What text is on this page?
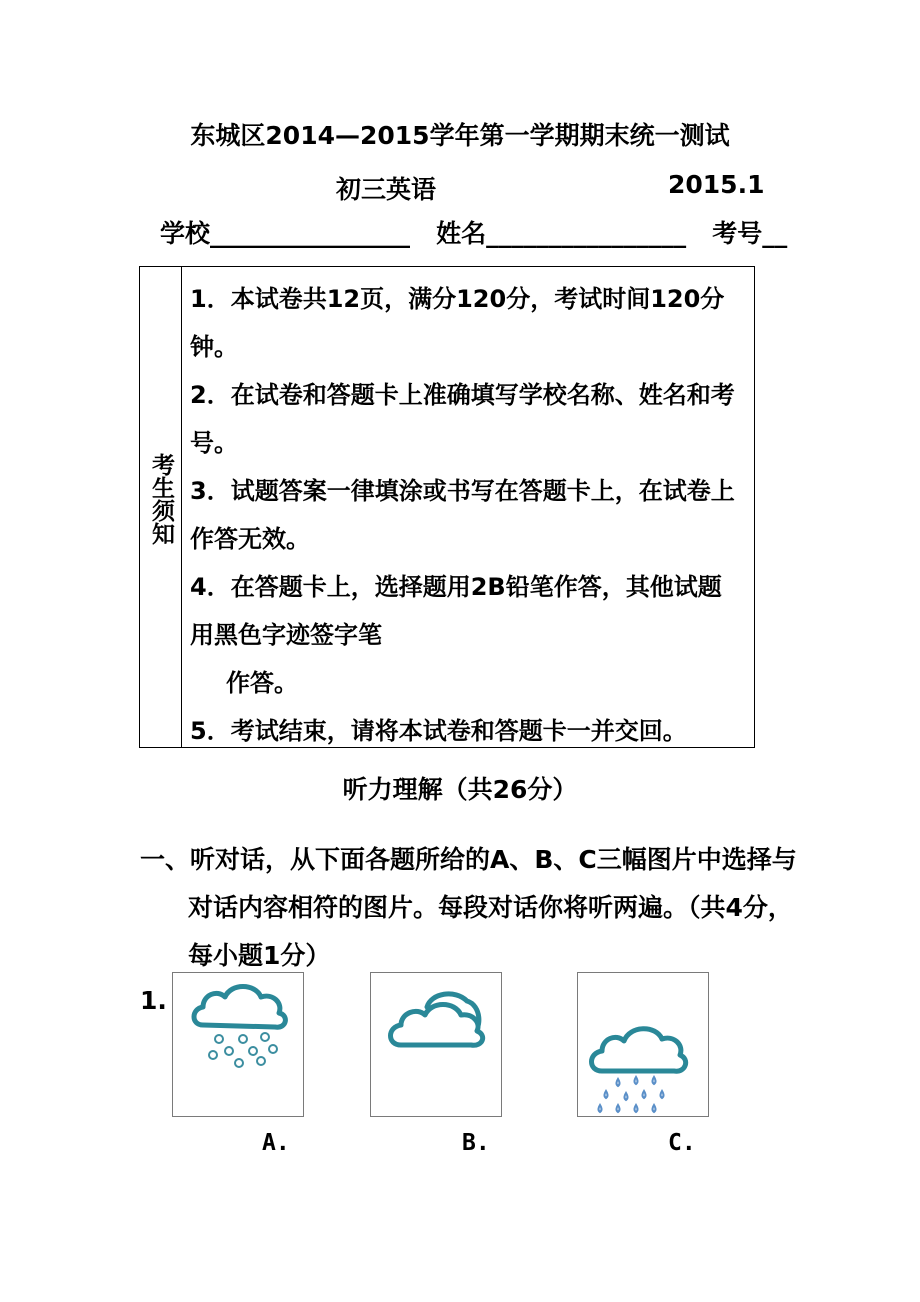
东城区2014—2015学年第一学期期末统一测试
初三英语	2015.1
学校________________ 姓名________________ 考号__
考生须知
1．本试卷共12页，满分120分，考试时间120分
钟。
2．在试卷和答题卡上准确填写学校名称、姓名和考
号。
3．试题答案一律填涂或书写在答题卡上，在试卷上
作答无效。
4．在答题卡上，选择题用2B铅笔作答，其他试题
用黑色字迹签字笔
作答。
5．考试结束，请将本试卷和答题卡一并交回。
听力理解（共26分）
一、听对话，从下面各题所给的A、B、C三幅图片中选择与
对话内容相符的图片。每段对话你将听两遍。（共4分，
每小题1分）
1.
A.	B.	C.
